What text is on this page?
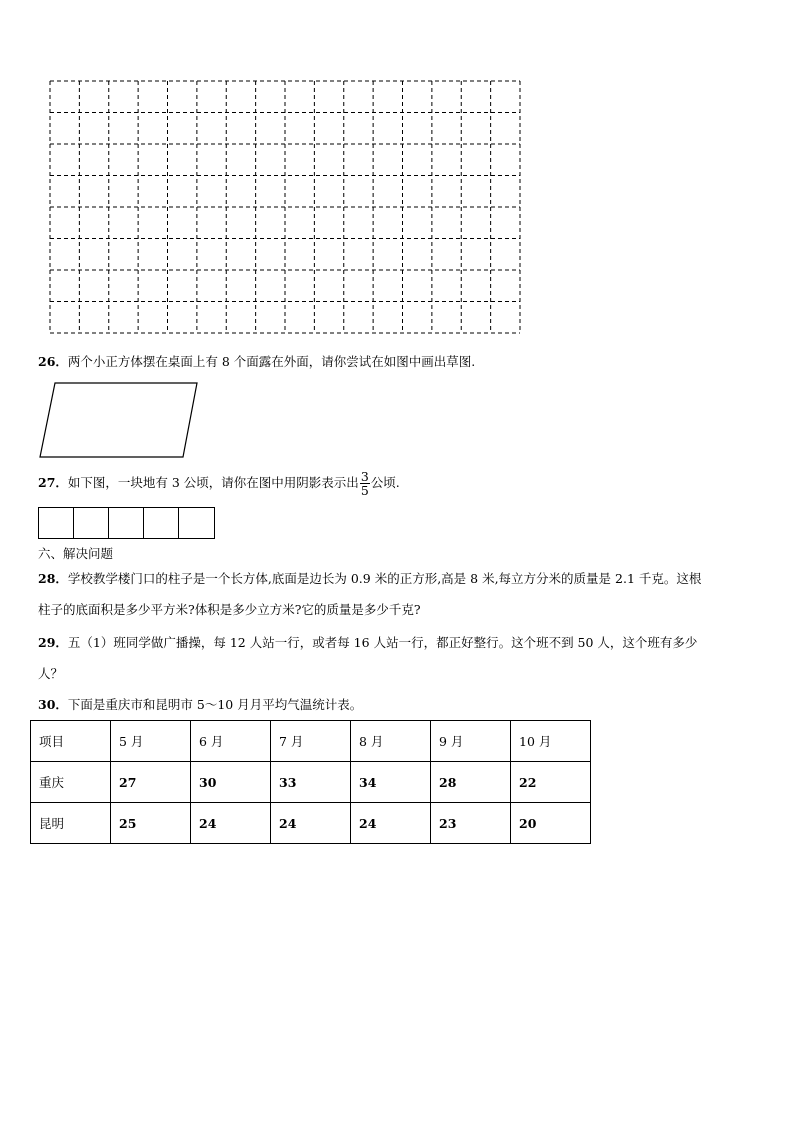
26．两个小正方体摆在桌面上有 8 个面露在外面，请你尝试在如图中画出草图.
27．如下图，一块地有 3 公顷，请你在图中用阴影表示出 $\frac{3}{5}$ 公顷.
六、解决问题
28．学校教学楼门口的柱子是一个长方体,底面是边长为 0.9 米的正方形,高是 8 米,每立方分米的质量是 2.1 千克。这根
柱子的底面积是多少平方米?体积是多少立方米?它的质量是多少千克?
29．五（1）班同学做广播操，每 12 人站一行，或者每 16 人站一行，都正好整行。这个班不到 50 人，这个班有多少
人？
30．下面是重庆市和昆明市 5～10 月月平均气温统计表。
项目	5 月	6 月	7 月	8 月	9 月	10 月
重庆	27	30	33	34	28	22
昆明	25	24	24	24	23	20
